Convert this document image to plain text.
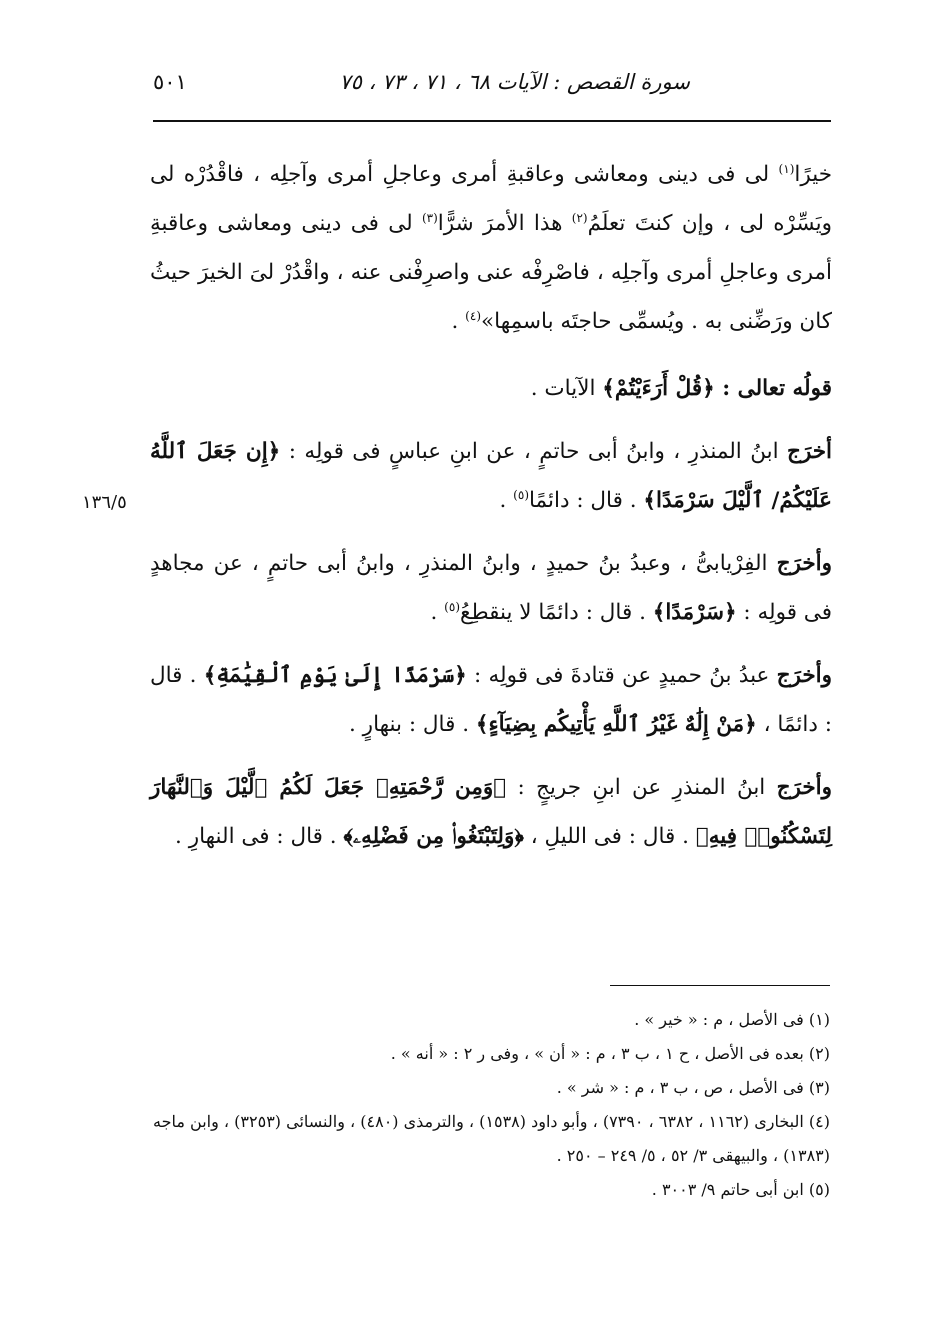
سورة القصص : الآيات ٦٨ ، ٧١ ، ٧٣ ، ٧٥
٥٠١
١٣٦/٥

خيرًا$^{(١)}$ لى فى دينى ومعاشى وعاقبةِ أمرى وعاجلِ أمرى وآجلِه ، فاقْدُرْه لى ويَسِّرْه لى ، وإن كنتَ تعلَمُ$^{(٢)}$ هذا الأمرَ شرًّا$^{(٣)}$ لى فى دينى ومعاشى وعاقبةِ أمرى وعاجلِ أمرى وآجلِه ، فاصْرِفْه عنى واصرِفْنى عنه ، واقْدُرْ لىَ الخيرَ حيثُ كان ورَضِّنى به . ويُسمِّى حاجتَه باسمِها»$^{(٤)}$ .

قولُه تعالى : ﴿قُلْ أَرَءَيْتُمْ﴾ الآيات .

أخرَج ابنُ المنذرِ ، وابنُ أبى حاتمٍ ، عن ابنِ عباسٍ فى قولِه : ﴿إِن جَعَلَ ٱللَّهُ عَلَيْكُمُ/ ٱلَّيْلَ سَرْمَدًا﴾ . قال : دائمًا$^{(٥)}$ .

وأخرَج الفِرْيابىُّ ، وعبدُ بنُ حميدٍ ، وابنُ المنذرِ ، وابنُ أبى حاتمٍ ، عن مجاهدٍ فى قولِه : ﴿سَرْمَدًا﴾ . قال : دائمًا لا ينقطِعُ$^{(٥)}$ .

وأخرَج عبدُ بنُ حميدٍ عن قتادةَ فى قولِه : ﴿سَرْمَدًا إِلَىٰ يَوْمِ ٱلْقِيَٰمَةِ﴾ . قال : دائمًا ، ﴿مَنْ إِلَٰهٌ غَيْرُ ٱللَّهِ يَأْتِيكُم بِضِيَآءٍ﴾ . قال : بنهارٍ .

وأخرَج ابنُ المنذرِ عن ابنِ جريجٍ : ﴿وَمِن رَّحْمَتِهِۦ جَعَلَ لَكُمُ ٱلَّيْلَ وَٱلنَّهَارَ لِتَسْكُنُوا۟ فِيهِ﴾ . قال : فى الليلِ ، ﴿وَلِتَبْتَغُوا۟ مِن فَضْلِهِۦ﴾ . قال : فى النهارِ .

(١) فى الأصل ، م : « خير » .
(٢) بعده فى الأصل ، ح ١ ، ب ٣ ، م : « أن » ، وفى ر ٢ : « أنه » .
(٣) فى الأصل ، ص ، ب ٣ ، م : « شر » .
(٤) البخارى (١١٦٢ ، ٦٣٨٢ ، ٧٣٩٠) ، وأبو داود (١٥٣٨) ، والترمذى (٤٨٠) ، والنسائى (٣٢٥٣) ، وابن ماجه (١٣٨٣) ، والبيهقى ٣/ ٥٢ ، ٥/ ٢٤٩ – ٢٥٠ .
(٥) ابن أبى حاتم ٩/ ٣٠٠٣ .
